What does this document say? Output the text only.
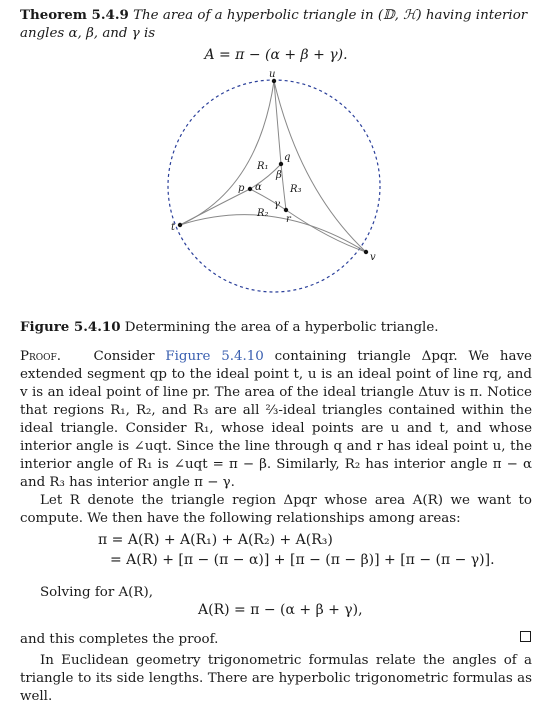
Theorem 5.4.9 The area of a hyperbolic triangle in (𝔻, ℋ) having interior angles α, β, and γ is
A = π − (α + β + γ).
u
t
v
p
q
r
α
β
γ
R₁
R₂
R₃
Figure 5.4.10 Determining the area of a hyperbolic triangle.

Proof. Consider Figure 5.4.10 containing triangle Δpqr. We have extended segment qp to the ideal point t, u is an ideal point of line rq, and v is an ideal point of line pr. The area of the ideal triangle Δtuv is π. Notice that regions R₁, R₂, and R₃ are all ⅔-ideal triangles contained within the ideal triangle. Consider R₁, whose ideal points are u and t, and whose interior angle is ∠uqt. Since the line through q and r has ideal point u, the interior angle of R₁ is ∠uqt = π − β. Similarly, R₂ has interior angle π − α and R₃ has interior angle π − γ.

Let R denote the triangle region Δpqr whose area A(R) we want to compute. We then have the following relationships among areas:

π = A(R) + A(R₁) + A(R₂) + A(R₃)
= A(R) + [π − (π − α)] + [π − (π − β)] + [π − (π − γ)].
Solving for A(R),
A(R) = π − (α + β + γ),
and this completes the proof.
In Euclidean geometry trigonometric formulas relate the angles of a triangle to its side lengths. There are hyperbolic trigonometric formulas as well.
